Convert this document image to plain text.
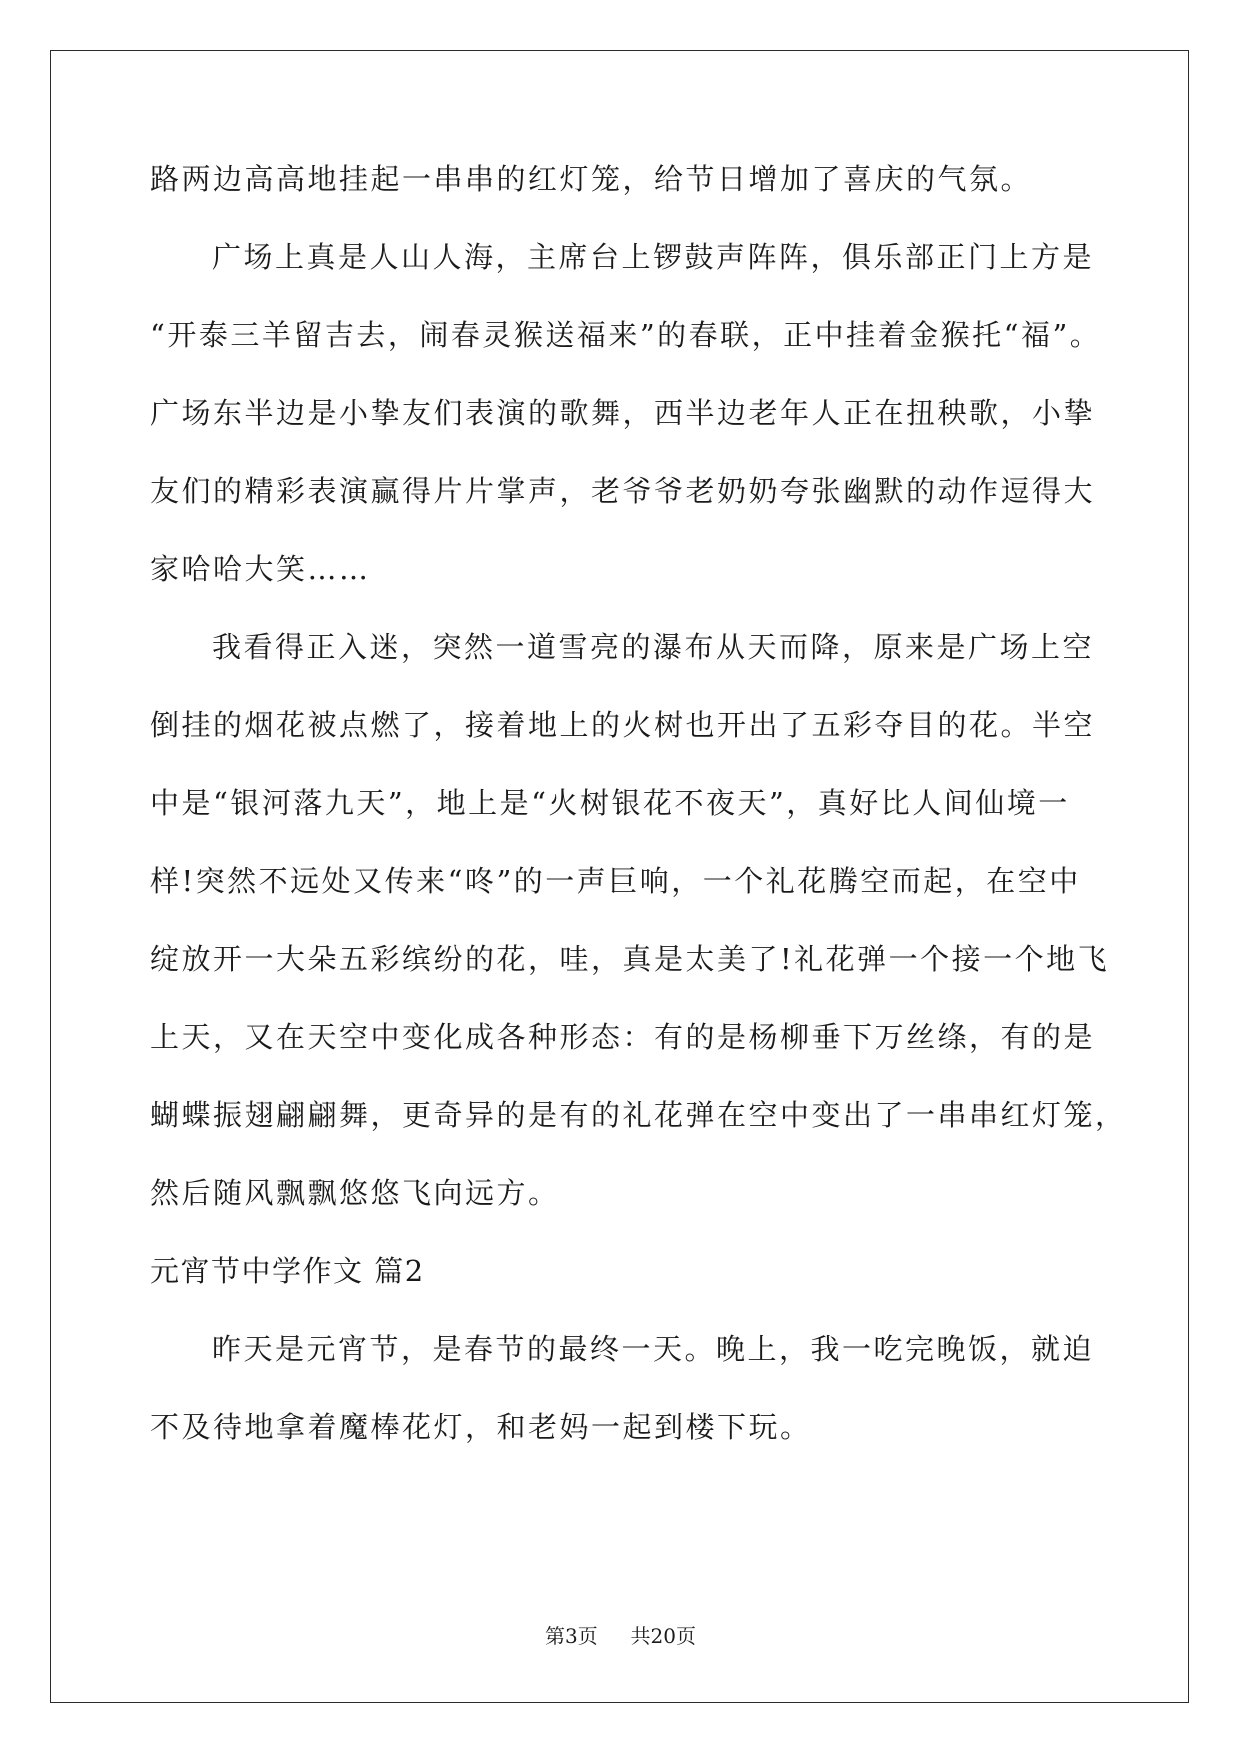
路两边高高地挂起一串串的红灯笼，给节日增加了喜庆的气氛。
广场上真是人山人海，主席台上锣鼓声阵阵，俱乐部正门上方是
“开泰三羊留吉去，闹春灵猴送福来”的春联，正中挂着金猴托“福”。
广场东半边是小挚友们表演的歌舞，西半边老年人正在扭秧歌，小挚
友们的精彩表演赢得片片掌声，老爷爷老奶奶夸张幽默的动作逗得大
家哈哈大笑……
我看得正入迷，突然一道雪亮的瀑布从天而降，原来是广场上空
倒挂的烟花被点燃了，接着地上的火树也开出了五彩夺目的花。半空
中是“银河落九天”，地上是“火树银花不夜天”，真好比人间仙境一
样!突然不远处又传来“咚”的一声巨响，一个礼花腾空而起，在空中
绽放开一大朵五彩缤纷的花，哇，真是太美了!礼花弹一个接一个地飞
上天，又在天空中变化成各种形态：有的是杨柳垂下万丝绦，有的是
蝴蝶振翅翩翩舞，更奇异的是有的礼花弹在空中变出了一串串红灯笼，
然后随风飘飘悠悠飞向远方。
元宵节中学作文 篇2
昨天是元宵节，是春节的最终一天。晚上，我一吃完晚饭，就迫
不及待地拿着魔棒花灯，和老妈一起到楼下玩。
第3页 共20页
